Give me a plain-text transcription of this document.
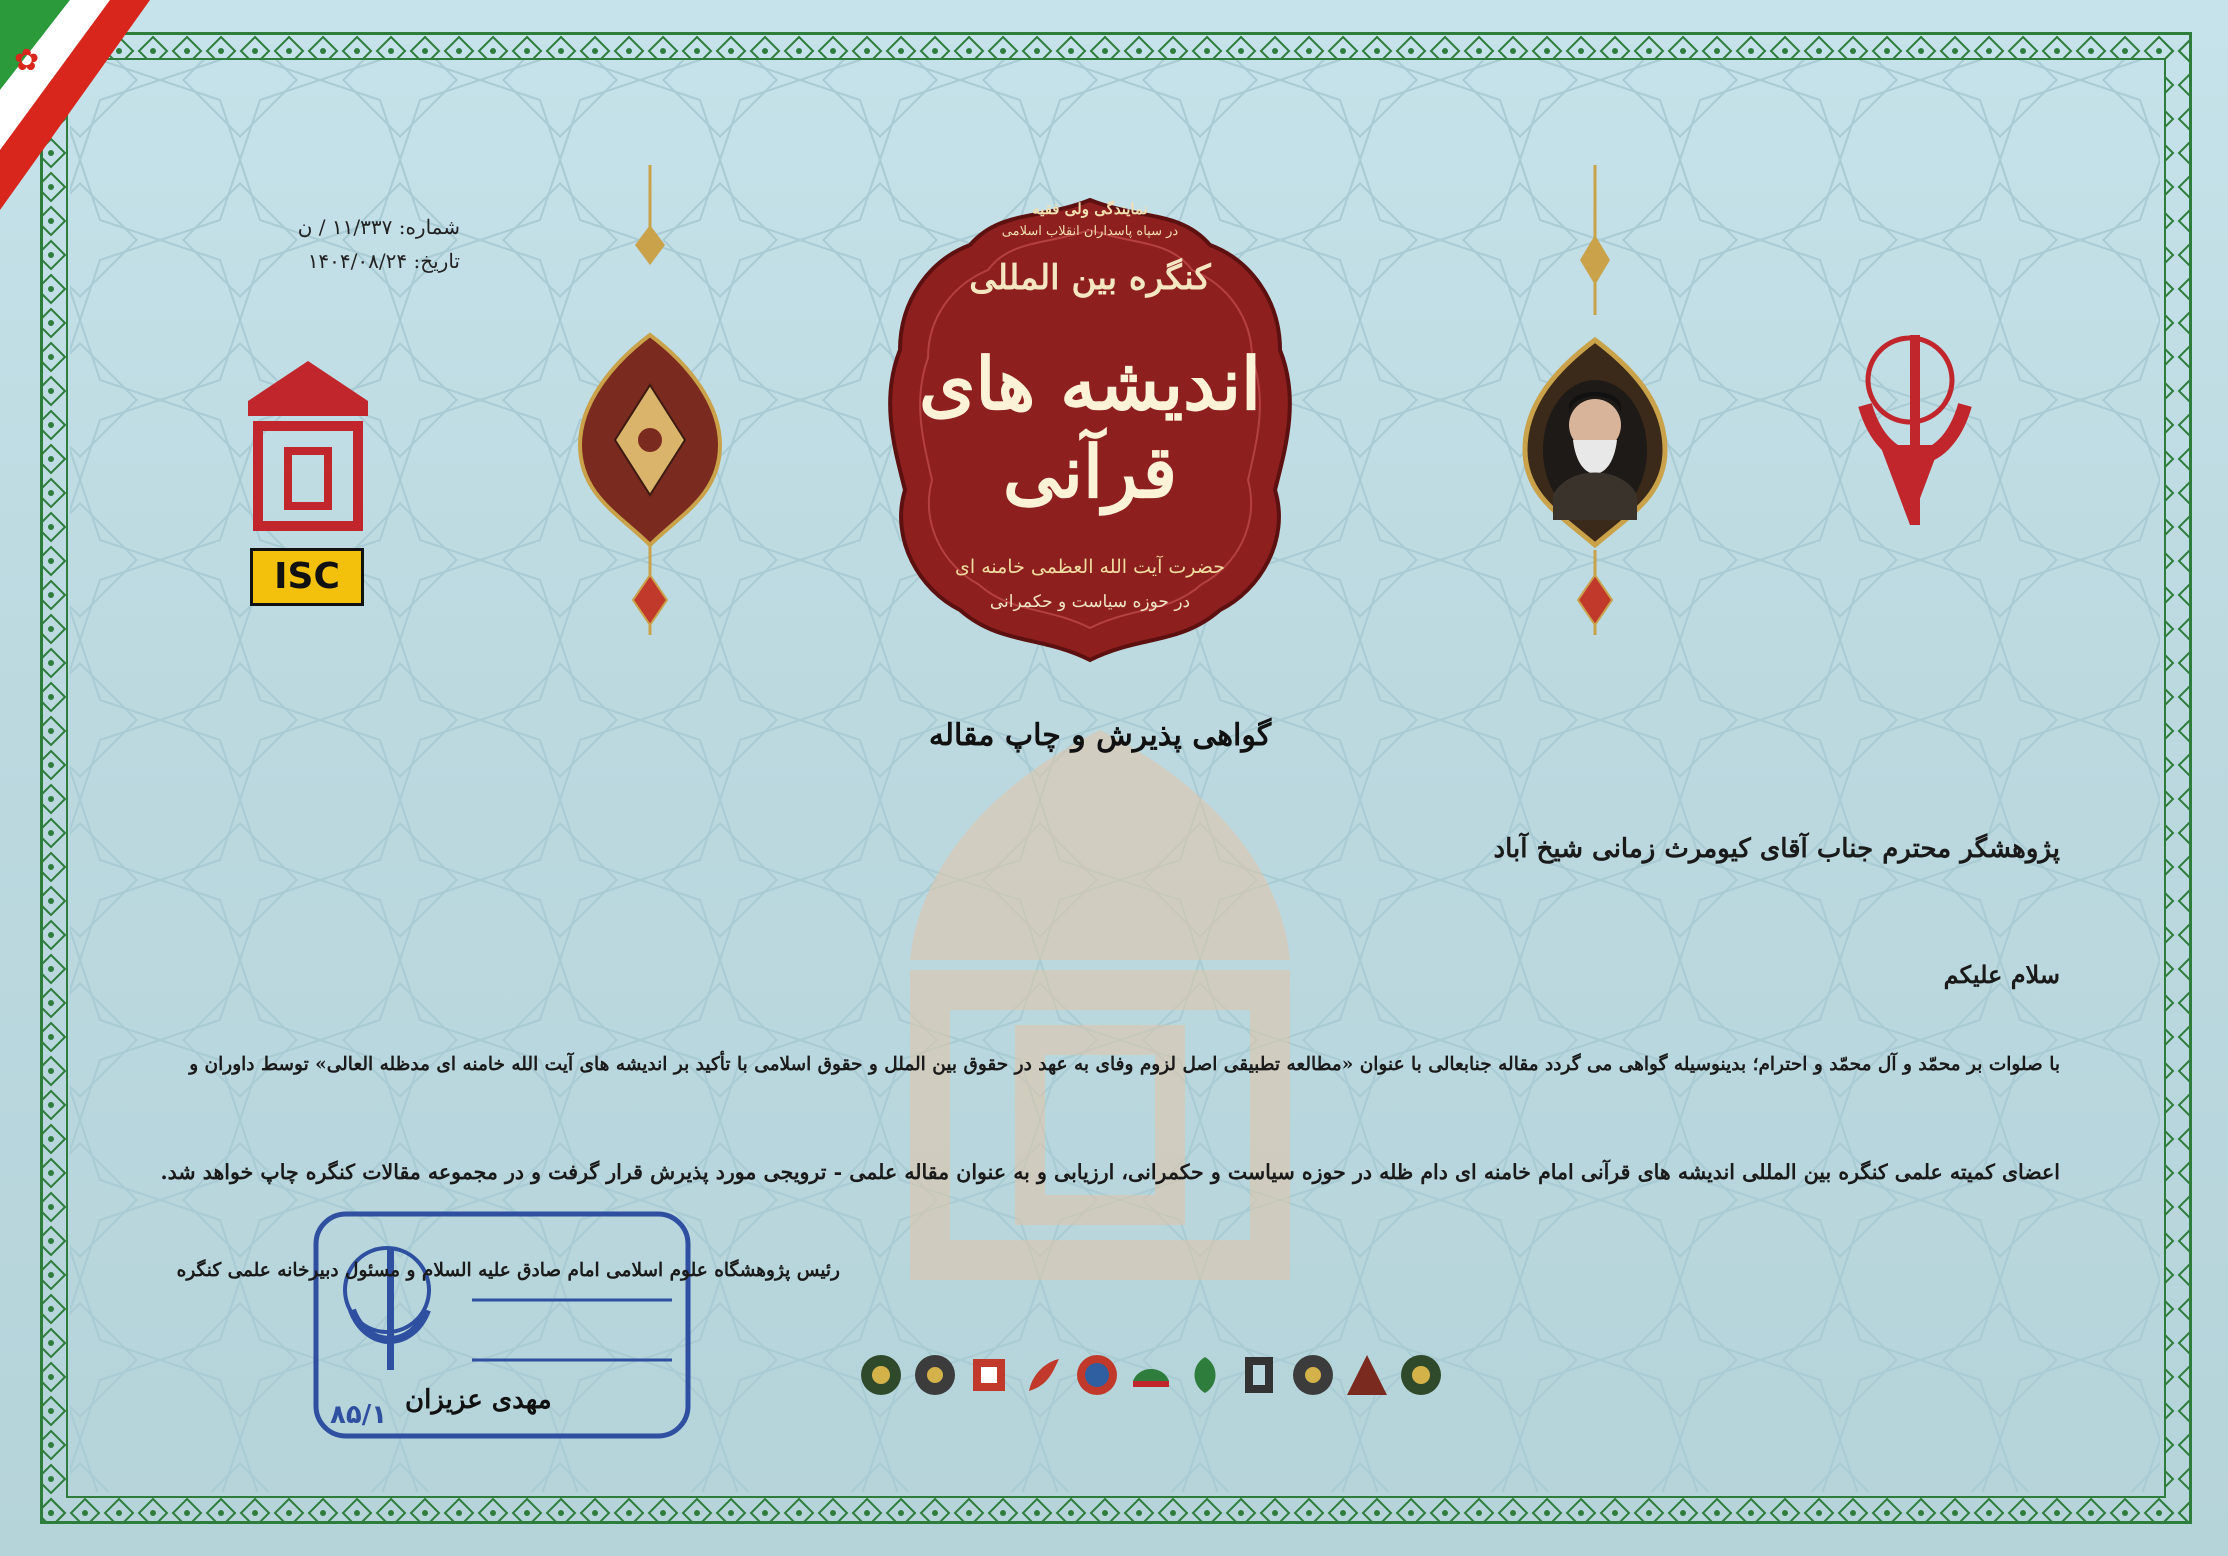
✿
شماره: ۱۱/۳۳۷ / ن
تاریخ: ۱۴۰۴/۰۸/۲۴
نمایندگی ولی فقیه
در سپاه پاسداران انقلاب اسلامی
کنگره بین المللی
اندیشه های قرآنی
حضرت آیت الله العظمی خامنه ای
در حوزه سیاست و حکمرانی
ISC
گواهی پذیرش و چاپ مقاله
پژوهشگر محترم جناب آقای کیومرث زمانی شیخ آباد
سلام علیکم
با صلوات بر محمّد و آل محمّد و احترام؛ بدینوسیله گواهی می گردد مقاله جنابعالی با عنوان «مطالعه تطبیقی اصل لزوم وفای به عهد در حقوق بین الملل و حقوق اسلامی با تأکید بر اندیشه های آیت الله خامنه ای مدظله العالی» توسط داوران و
اعضای کمیته علمی کنگره بین المللی اندیشه های قرآنی امام خامنه ای دام ظله در حوزه سیاست و حکمرانی، ارزیابی و به عنوان مقاله علمی - ترویجی مورد پذیرش قرار گرفت و در مجموعه مقالات کنگره چاپ خواهد شد.
رئیس پژوهشگاه علوم اسلامی امام صادق علیه السلام و مسئول دبیرخانه علمی کنگره
مهدی عزیزان
۸۵/۱
